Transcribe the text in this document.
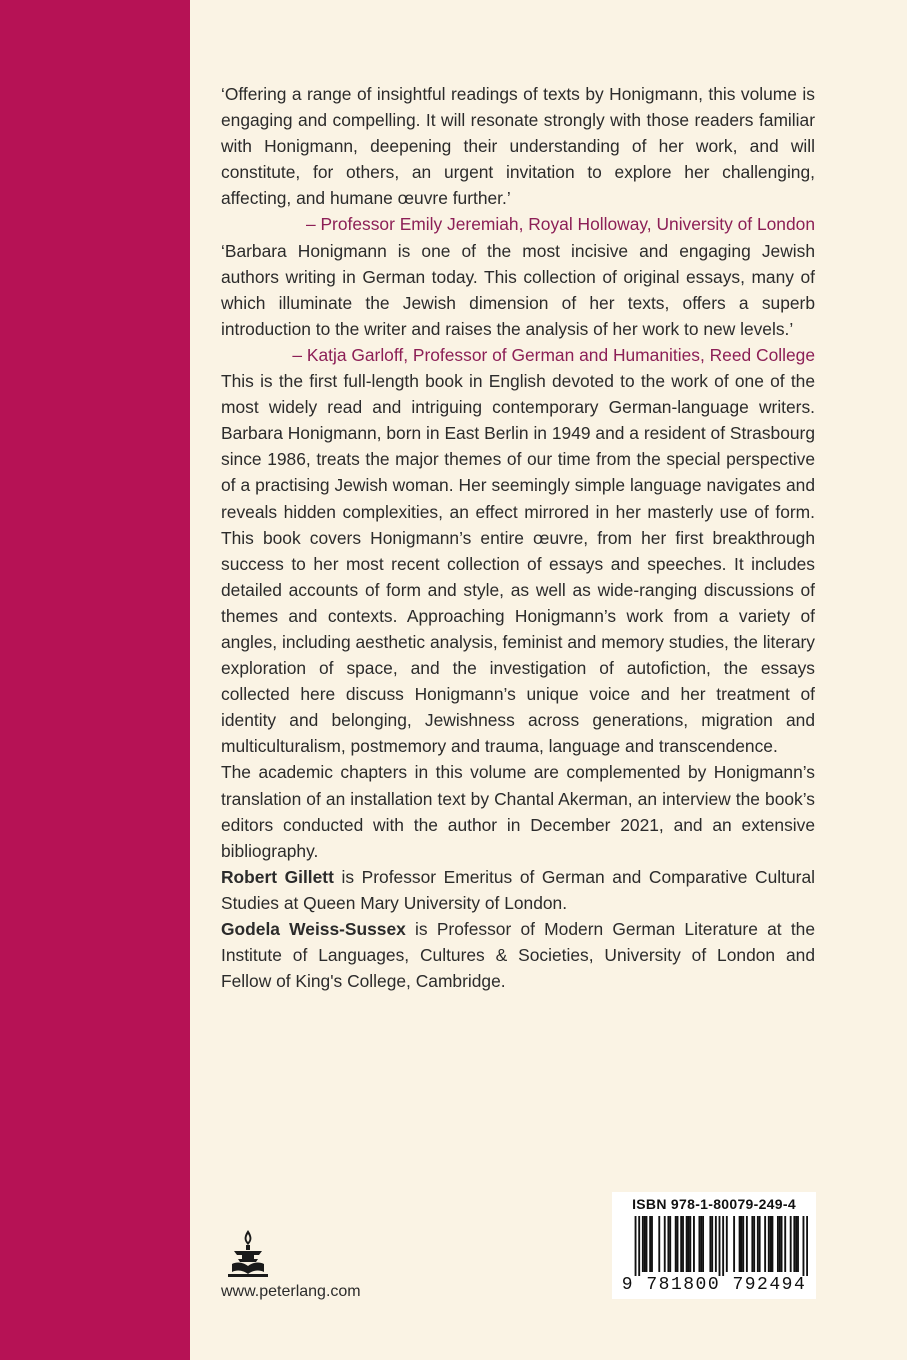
‘Offering a range of insightful readings of texts by Honigmann, this volume is engaging and compelling. It will resonate strongly with those readers familiar with Honigmann, deepening their understanding of her work, and will constitute, for others, an urgent invitation to explore her challenging, affecting, and humane œuvre further.’

– Professor Emily Jeremiah, Royal Holloway, University of London

‘Barbara Honigmann is one of the most incisive and engaging Jewish authors writing in German today. This collection of original essays, many of which illuminate the Jewish dimension of her texts, offers a superb introduction to the writer and raises the analysis of her work to new levels.’

– Katja Garloff, Professor of German and Humanities, Reed College

This is the first full-length book in English devoted to the work of one of the most widely read and intriguing contemporary German-language writers. Barbara Honigmann, born in East Berlin in 1949 and a resident of Strasbourg since 1986, treats the major themes of our time from the special perspective of a practising Jewish woman. Her seemingly simple language navigates and reveals hidden complexities, an effect mirrored in her masterly use of form. This book covers Honigmann’s entire œuvre, from her first breakthrough success to her most recent collection of essays and speeches. It includes detailed accounts of form and style, as well as wide-ranging discussions of themes and contexts. Approaching Honigmann’s work from a variety of angles, including aesthetic analysis, feminist and memory studies, the literary exploration of space, and the investigation of autofiction, the essays collected here discuss Honigmann’s unique voice and her treatment of identity and belonging, Jewishness across generations, migration and multiculturalism, postmemory and trauma, language and transcendence.

The academic chapters in this volume are complemented by Honigmann’s translation of an installation text by Chantal Akerman, an interview the book’s editors conducted with the author in December 2021, and an extensive bibliography.

Robert Gillett is Professor Emeritus of German and Comparative Cultural Studies at Queen Mary University of London.

Godela Weiss-Sussex is Professor of Modern German Literature at the Institute of Languages, Cultures & Societies, University of London and Fellow of King's College, Cambridge.

www.peterlang.com
ISBN 978-1-80079-249-4
9 781800 792494
